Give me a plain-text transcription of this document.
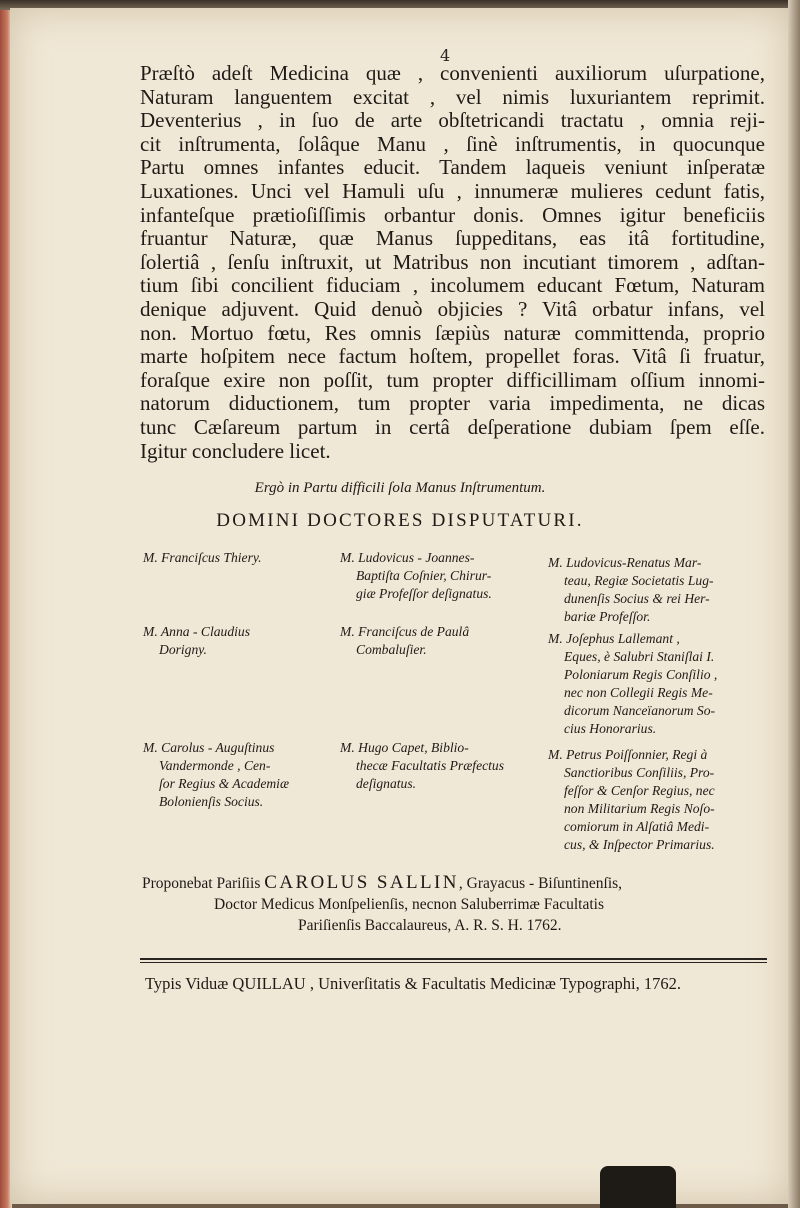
4
Præſtò adeſt Medicina quæ , convenienti auxiliorum uſurpatione,
Naturam languentem excitat , vel nimis luxuriantem reprimit.
Deventerius , in ſuo de arte obſtetricandi tractatu , omnia reji-
cit inſtrumenta, ſolâque Manu , ſinè inſtrumentis, in quocunque
Partu omnes infantes educit. Tandem laqueis veniunt inſperatæ
Luxationes. Unci vel Hamuli uſu , innumeræ mulieres cedunt fatis,
infanteſque prætioſiſſimis orbantur donis. Omnes igitur beneficiis
fruantur Naturæ, quæ Manus ſuppeditans, eas itâ fortitudine,
ſolertiâ , ſenſu inſtruxit, ut Matribus non incutiant timorem , adſtan-
tium ſibi concilient fiduciam , incolumem educant Fœtum, Naturam
denique adjuvent. Quid denuò objicies ? Vitâ orbatur infans, vel
non. Mortuo fœtu, Res omnis ſæpiùs naturæ committenda, proprio
marte hoſpitem nece factum hoſtem, propellet foras. Vitâ ſi fruatur,
foraſque exire non poſſit, tum propter difficillimam oſſium innomi-
natorum diductionem, tum propter varia impedimenta, ne dicas
tunc Cæſareum partum in certâ deſperatione dubiam ſpem eſſe.
Igitur concludere licet.
Ergò in Partu difficili ſola Manus Inſtrumentum.
DOMINI DOCTORES DISPUTATURI.
M. Franciſcus Thiery.
M. Anna - Claudius
Dorigny.
M. Carolus - Auguſtinus
Vandermonde , Cen-
ſor Regius & Academiæ
Bolonienſis Socius.
M. Ludovicus - Joannes-
Baptiſta Coſnier, Chirur-
giæ Profeſſor deſignatus.
M. Franciſcus de Paulâ
Combaluſier.
M. Hugo Capet, Biblio-
thecæ Facultatis Præfectus
deſignatus.
M. Ludovicus-Renatus Mar-
teau, Regiæ Societatis Lug-
dunenſis Socius & rei Her-
bariæ Profeſſor.
M. Joſephus Lallemant ,
Eques, è Salubri Staniſlai I.
Poloniarum Regis Conſilio ,
nec non Collegii Regis Me-
dicorum Nanceïanorum So-
cius Honorarius.
M. Petrus Poiſſonnier, Regi à
Sanctioribus Conſiliis, Pro-
feſſor & Cenſor Regius, nec
non Militarium Regis Noſo-
comiorum in Alſatiâ Medi-
cus, & Inſpector Primarius.
Proponebat Pariſiis CAROLUS SALLIN, Grayacus - Biſuntinenſis,
Doctor Medicus Monſpelienſis, necnon Saluberrimæ Facultatis
Pariſienſis Baccalaureus, A. R. S. H. 1762.
Typis Viduæ QUILLAU , Univerſitatis & Facultatis Medicinæ Typographi, 1762.
